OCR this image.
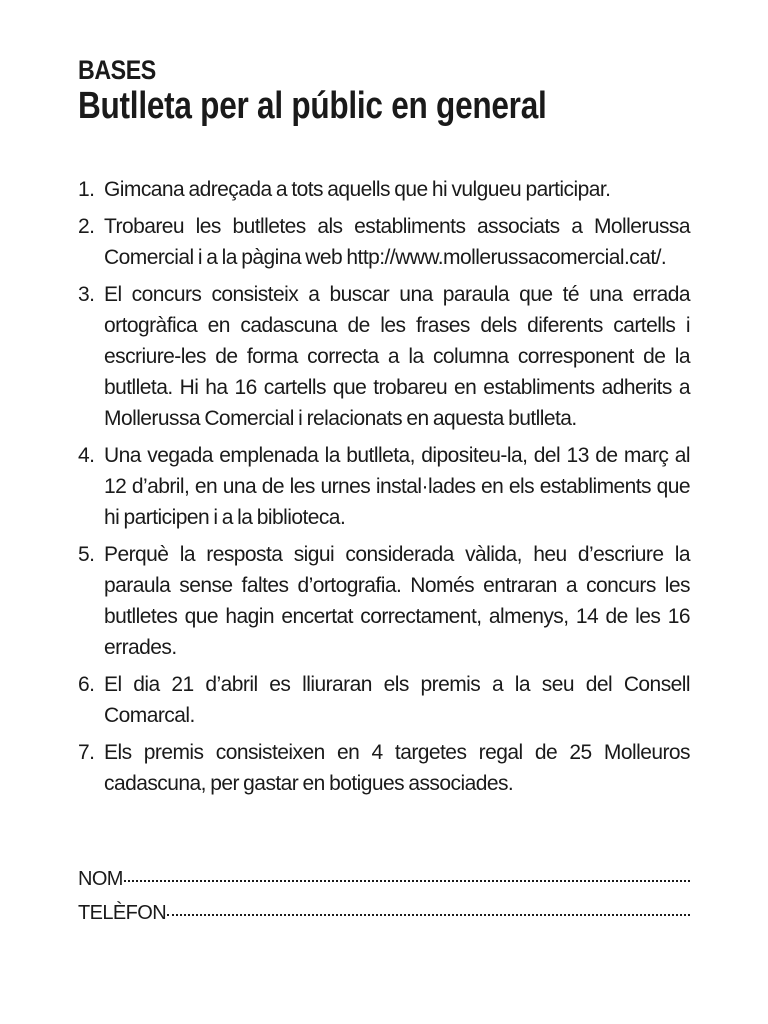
BASES
Butlleta per al públic en general
1. Gimcana adreçada a tots aquells que hi vulgueu participar.
2. Trobareu les butlletes als establiments associats a Mollerussa Comercial i a la pàgina web http://www.mollerussacomercial.cat/.
3. El concurs consisteix a buscar una paraula que té una errada ortogràfica en cadascuna de les frases dels diferents cartells i escriure-les de forma correcta a la columna corresponent de la butlleta. Hi ha 16 cartells que trobareu en establiments adherits a Mollerussa Comercial i relacionats en aquesta butlleta.
4. Una vegada emplenada la butlleta, dipositeu-la, del 13 de març al 12 d’abril, en una de les urnes instal·lades en els establiments que hi participen i a la biblioteca.
5. Perquè la resposta sigui considerada vàlida, heu d’escriure la paraula sense faltes d’ortografia. Només entraran a concurs les butlletes que hagin encertat correctament, almenys, 14 de les 16 errades.
6. El dia 21 d’abril es lliuraran els premis a la seu del Consell Comarcal.
7. Els premis consisteixen en 4 targetes regal de 25 Molleuros cadascuna, per gastar en botigues associades.
NOM
TELÈFON
